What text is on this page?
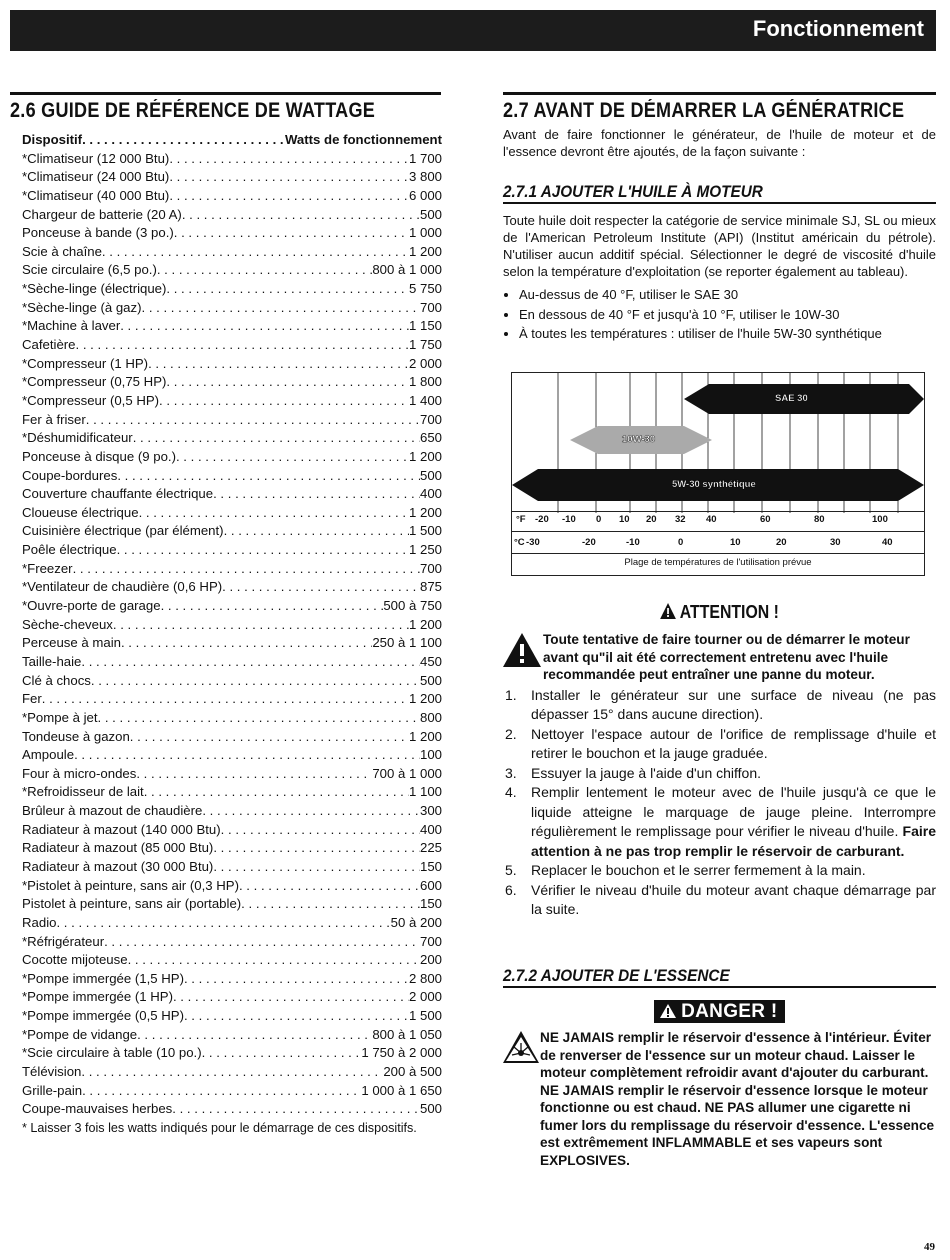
Fonctionnement
2.6 GUIDE DE RÉFÉRENCE DE WATTAGE
Dispositif . . .	Watts de fonctionnement
*Climatiseur (12 000 Btu) . . .	1 700
*Climatiseur (24 000 Btu) . . .	3 800
*Climatiseur (40 000 Btu) . . .	6 000
Chargeur de batterie (20 A) . . .	500
Ponceuse à bande (3 po.) . . .	1 000
Scie à chaîne . . .	1 200
Scie circulaire (6,5 po.) . . .	800 à 1 000
*Sèche-linge (électrique) . . .	5 750
*Sèche-linge (à gaz) . . .	700
*Machine à laver . . .	1 150
Cafetière . . .	1 750
*Compresseur (1 HP) . . .	2 000
*Compresseur (0,75 HP) . . .	1 800
*Compresseur (0,5 HP) . . .	1 400
Fer à friser . . .	700
*Déshumidificateur . . .	650
Ponceuse à disque (9 po.) . . .	1 200
Coupe-bordures . . .	500
Couverture chauffante électrique . . .	400
Cloueuse électrique . . .	1 200
Cuisinière électrique (par élément) . . .	1 500
Poêle électrique . . .	1 250
*Freezer . . .	700
*Ventilateur de chaudière (0,6 HP) . . .	875
*Ouvre-porte de garage . . .	500 à 750
Sèche-cheveux . . .	1 200
Perceuse à main . . .	250 à 1 100
Taille-haie . . .	450
Clé à chocs . . .	500
Fer . . .	1 200
*Pompe à jet . . .	800
Tondeuse à gazon . . .	1 200
Ampoule . . .	100
Four à micro-ondes . . .	700 à 1 000
*Refroidisseur de lait . . .	1 100
Brûleur à mazout de chaudière . . .	300
Radiateur à mazout (140 000 Btu) . . .	400
Radiateur à mazout (85 000 Btu) . . .	225
Radiateur à mazout (30 000 Btu) . . .	150
*Pistolet à peinture, sans air (0,3 HP) . . .	600
Pistolet à peinture, sans air (portable) . . .	150
Radio . . .	50 à 200
*Réfrigérateur . . .	700
Cocotte mijoteuse . . .	200
*Pompe immergée (1,5 HP) . . .	2 800
*Pompe immergée (1 HP) . . .	2 000
*Pompe immergée (0,5 HP) . . .	1 500
*Pompe de vidange . . .	800 à 1 050
*Scie circulaire à table (10 po.) . . .	1 750 à 2 000
Télévision . . .	200 à 500
Grille-pain . . .	1 000 à 1 650
Coupe-mauvaises herbes . . .	500
* Laisser 3 fois les watts indiqués pour le démarrage de ces dispositifs.
2.7 AVANT DE DÉMARRER LA GÉNÉRATRICE

Avant de faire fonctionner le générateur, de l'huile de moteur et de l'essence devront être ajoutés, de la façon suivante :

2.7.1 AJOUTER L'HUILE À MOTEUR

Toute huile doit respecter la catégorie de service minimale SJ, SL ou mieux de l'American Petroleum Institute (API) (Institut américain du pétrole). N'utiliser aucun additif spécial. Sélectionner le degré de viscosité d'huile selon la température d'exploitation (se reporter également au tableau).

• Au-dessus de 40 °F, utiliser le SAE 30
• En dessous de 40 °F et jusqu'à 10 °F, utiliser le 10W-30
• À toutes les températures : utiliser de l'huile 5W-30 synthétique
SAE 30
10W-30
5W-30 synthétique
°F -20 -10 0 10 20 32 40	60	80	100
°C -30	-20	-10	0	10	20	30	40
Plage de températures de l'utilisation prévue
ATTENTION !
Toute tentative de faire tourner ou de démarrer le moteur avant qu"il ait été correctement entretenu avec l'huile recommandée peut entraîner une panne du moteur.
1. Installer le générateur sur une surface de niveau (ne pas dépasser 15° dans aucune direction).
2. Nettoyer l'espace autour de l'orifice de remplissage d'huile et retirer le bouchon et la jauge graduée.
3. Essuyer la jauge à l'aide d'un chiffon.
4. Remplir lentement le moteur avec de l'huile jusqu'à ce que le liquide atteigne le marquage de jauge pleine. Interrompre régulièrement le remplissage pour vérifier le niveau d'huile. Faire attention à ne pas trop remplir le réservoir de carburant.
5. Replacer le bouchon et le serrer fermement à la main.
6. Vérifier le niveau d'huile du moteur avant chaque démarrage par la suite.
2.7.2 AJOUTER DE L'ESSENCE
DANGER !
NE JAMAIS remplir le réservoir d'essence à l'intérieur. Éviter de renverser de l'essence sur un moteur chaud. Laisser le moteur complètement refroidir avant d'ajouter du carburant. NE JAMAIS remplir le réservoir d'essence lorsque le moteur fonctionne ou est chaud. NE PAS allumer une cigarette ni fumer lors du remplissage du réservoir d'essence. L'essence est extrêmement INFLAMMABLE et ses vapeurs sont EXPLOSIVES.
49
